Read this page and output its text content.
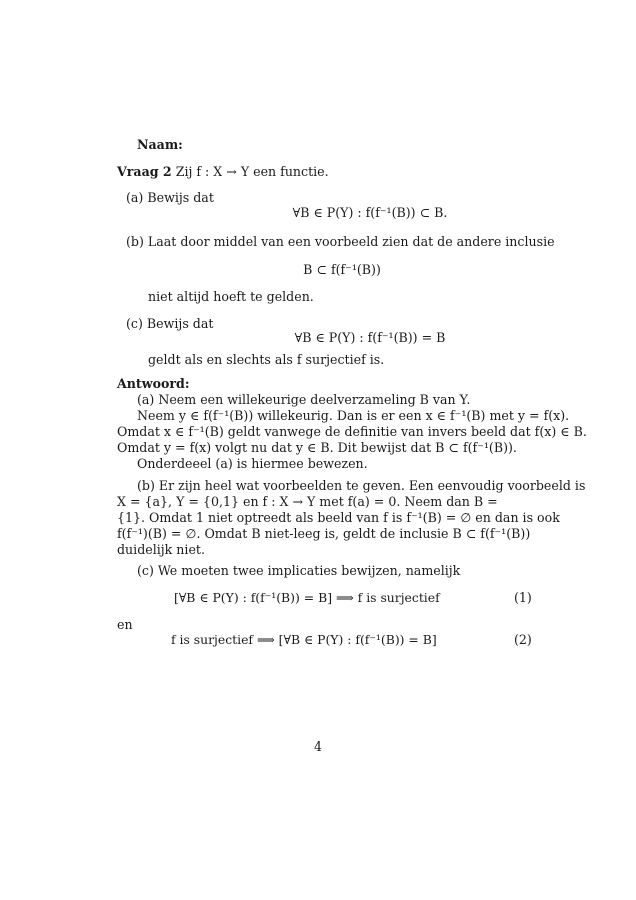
Naam:
Vraag 2 Zij f : X → Y een functie.
(a) Bewijs dat
∀B ∈ P(Y) : f(f⁻¹(B)) ⊂ B.
(b) Laat door middel van een voorbeeld zien dat de andere inclusie
B ⊂ f(f⁻¹(B))
niet altijd hoeft te gelden.
(c) Bewijs dat
∀B ∈ P(Y) : f(f⁻¹(B)) = B
geldt als en slechts als f surjectief is.
Antwoord:
(a) Neem een willekeurige deelverzameling B van Y.
Neem y ∈ f(f⁻¹(B)) willekeurig. Dan is er een x ∈ f⁻¹(B) met y = f(x).
Omdat x ∈ f⁻¹(B) geldt vanwege de definitie van invers beeld dat f(x) ∈ B.
Omdat y = f(x) volgt nu dat y ∈ B. Dit bewijst dat B ⊂ f(f⁻¹(B)).
Onderdeeel (a) is hiermee bewezen.
(b) Er zijn heel wat voorbeelden te geven. Een eenvoudig voorbeeld is
X = {a}, Y = {0,1} en f : X → Y met f(a) = 0. Neem dan B =
{1}. Omdat 1 niet optreedt als beeld van f is f⁻¹(B) = ∅ en dan is ook
f(f⁻¹)(B) = ∅. Omdat B niet-leeg is, geldt de inclusie B ⊂ f(f⁻¹(B))
duidelijk niet.
(c) We moeten twee implicaties bewijzen, namelijk
[∀B ∈ P(Y) : f(f⁻¹(B)) = B] ⟹ f is surjectief	(1)
en
f is surjectief ⟹ [∀B ∈ P(Y) : f(f⁻¹(B)) = B]	(2)
4
